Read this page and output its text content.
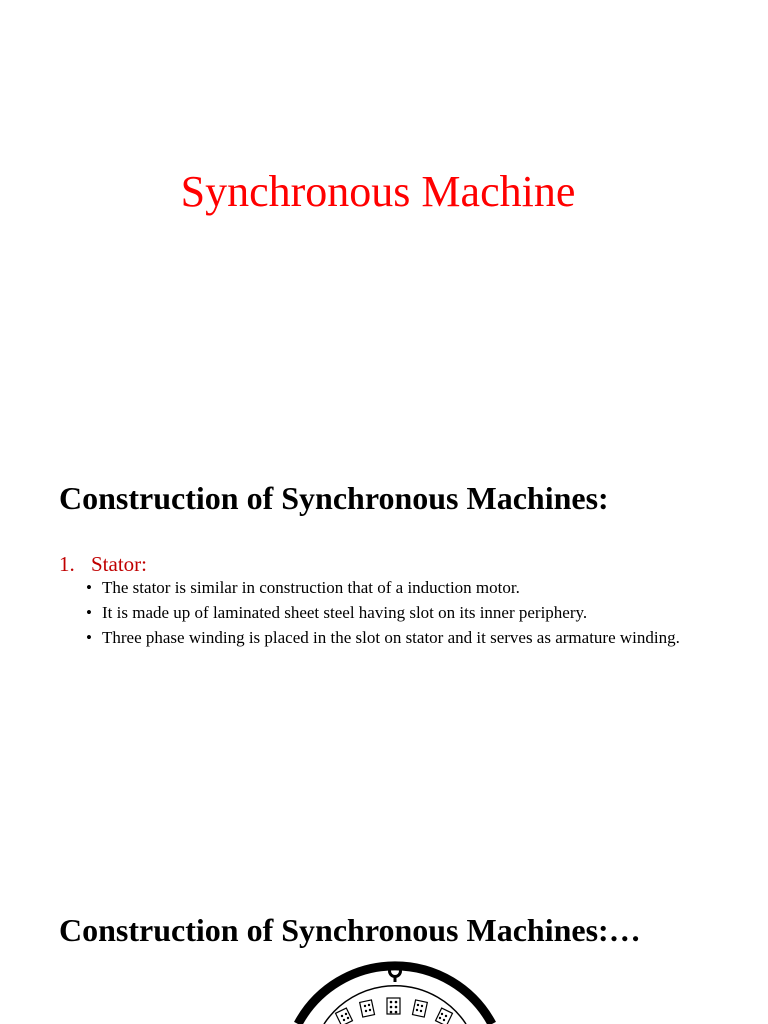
Synchronous Machine
Construction of Synchronous Machines:
1. Stator:
• The stator is similar in construction that of a induction motor.
• It is made up of laminated sheet steel having slot on its inner periphery.
• Three phase winding is placed in the slot on stator and it serves as armature winding.
Construction of Synchronous Machines:…
